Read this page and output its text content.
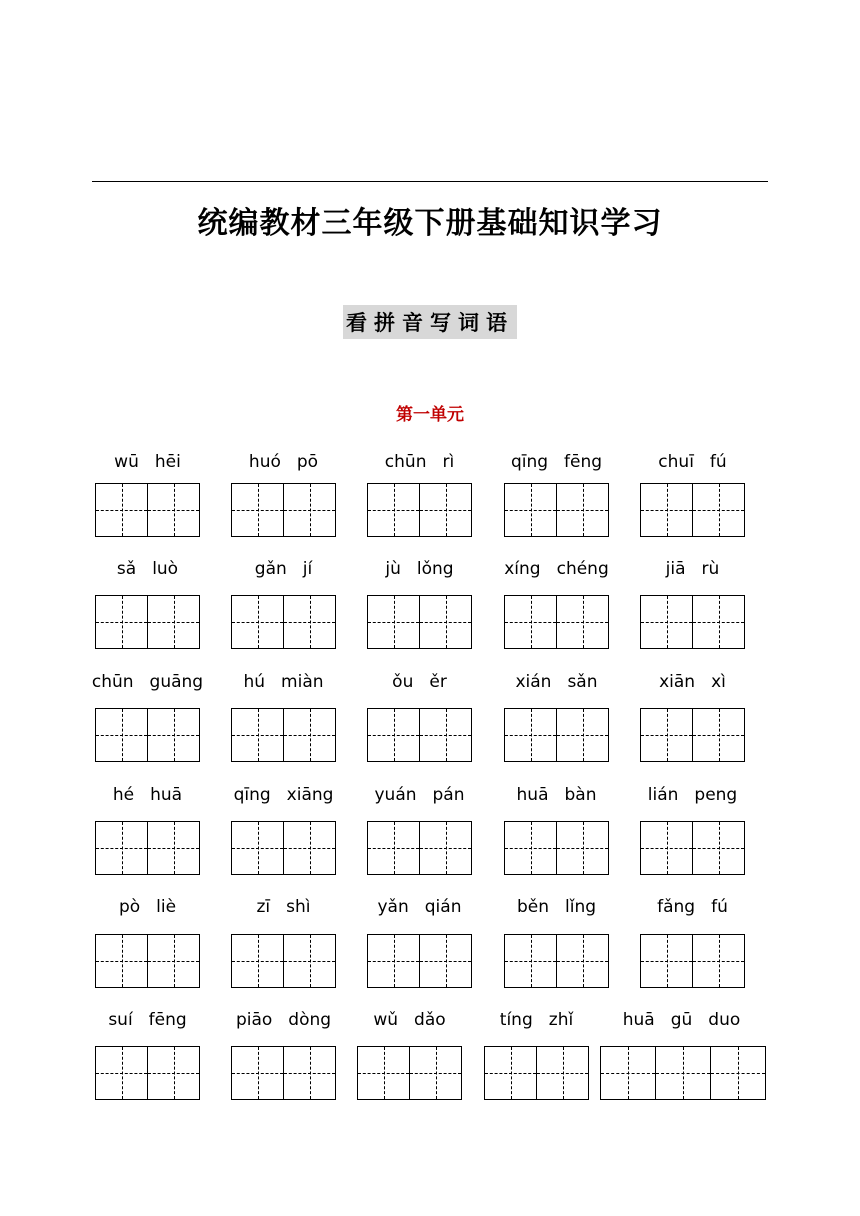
统编教材三年级下册基础知识学习
看拼音写词语
第一单元
wū hēi	huó pō	chūn rì	qīng fēng	chuī fú
sǎ luò	gǎn jí	jù lǒng	xíng chéng	jiā rù
chūn guāng	hú miàn	ǒu ěr	xián sǎn	xiān xì
hé huā	qīng xiāng	yuán pán	huā bàn	lián peng
pò liè	zī shì	yǎn qián	běn lǐng	fǎng fú
suí fēng	piāo dòng	wǔ dǎo	tíng zhǐ	huā gū duo
